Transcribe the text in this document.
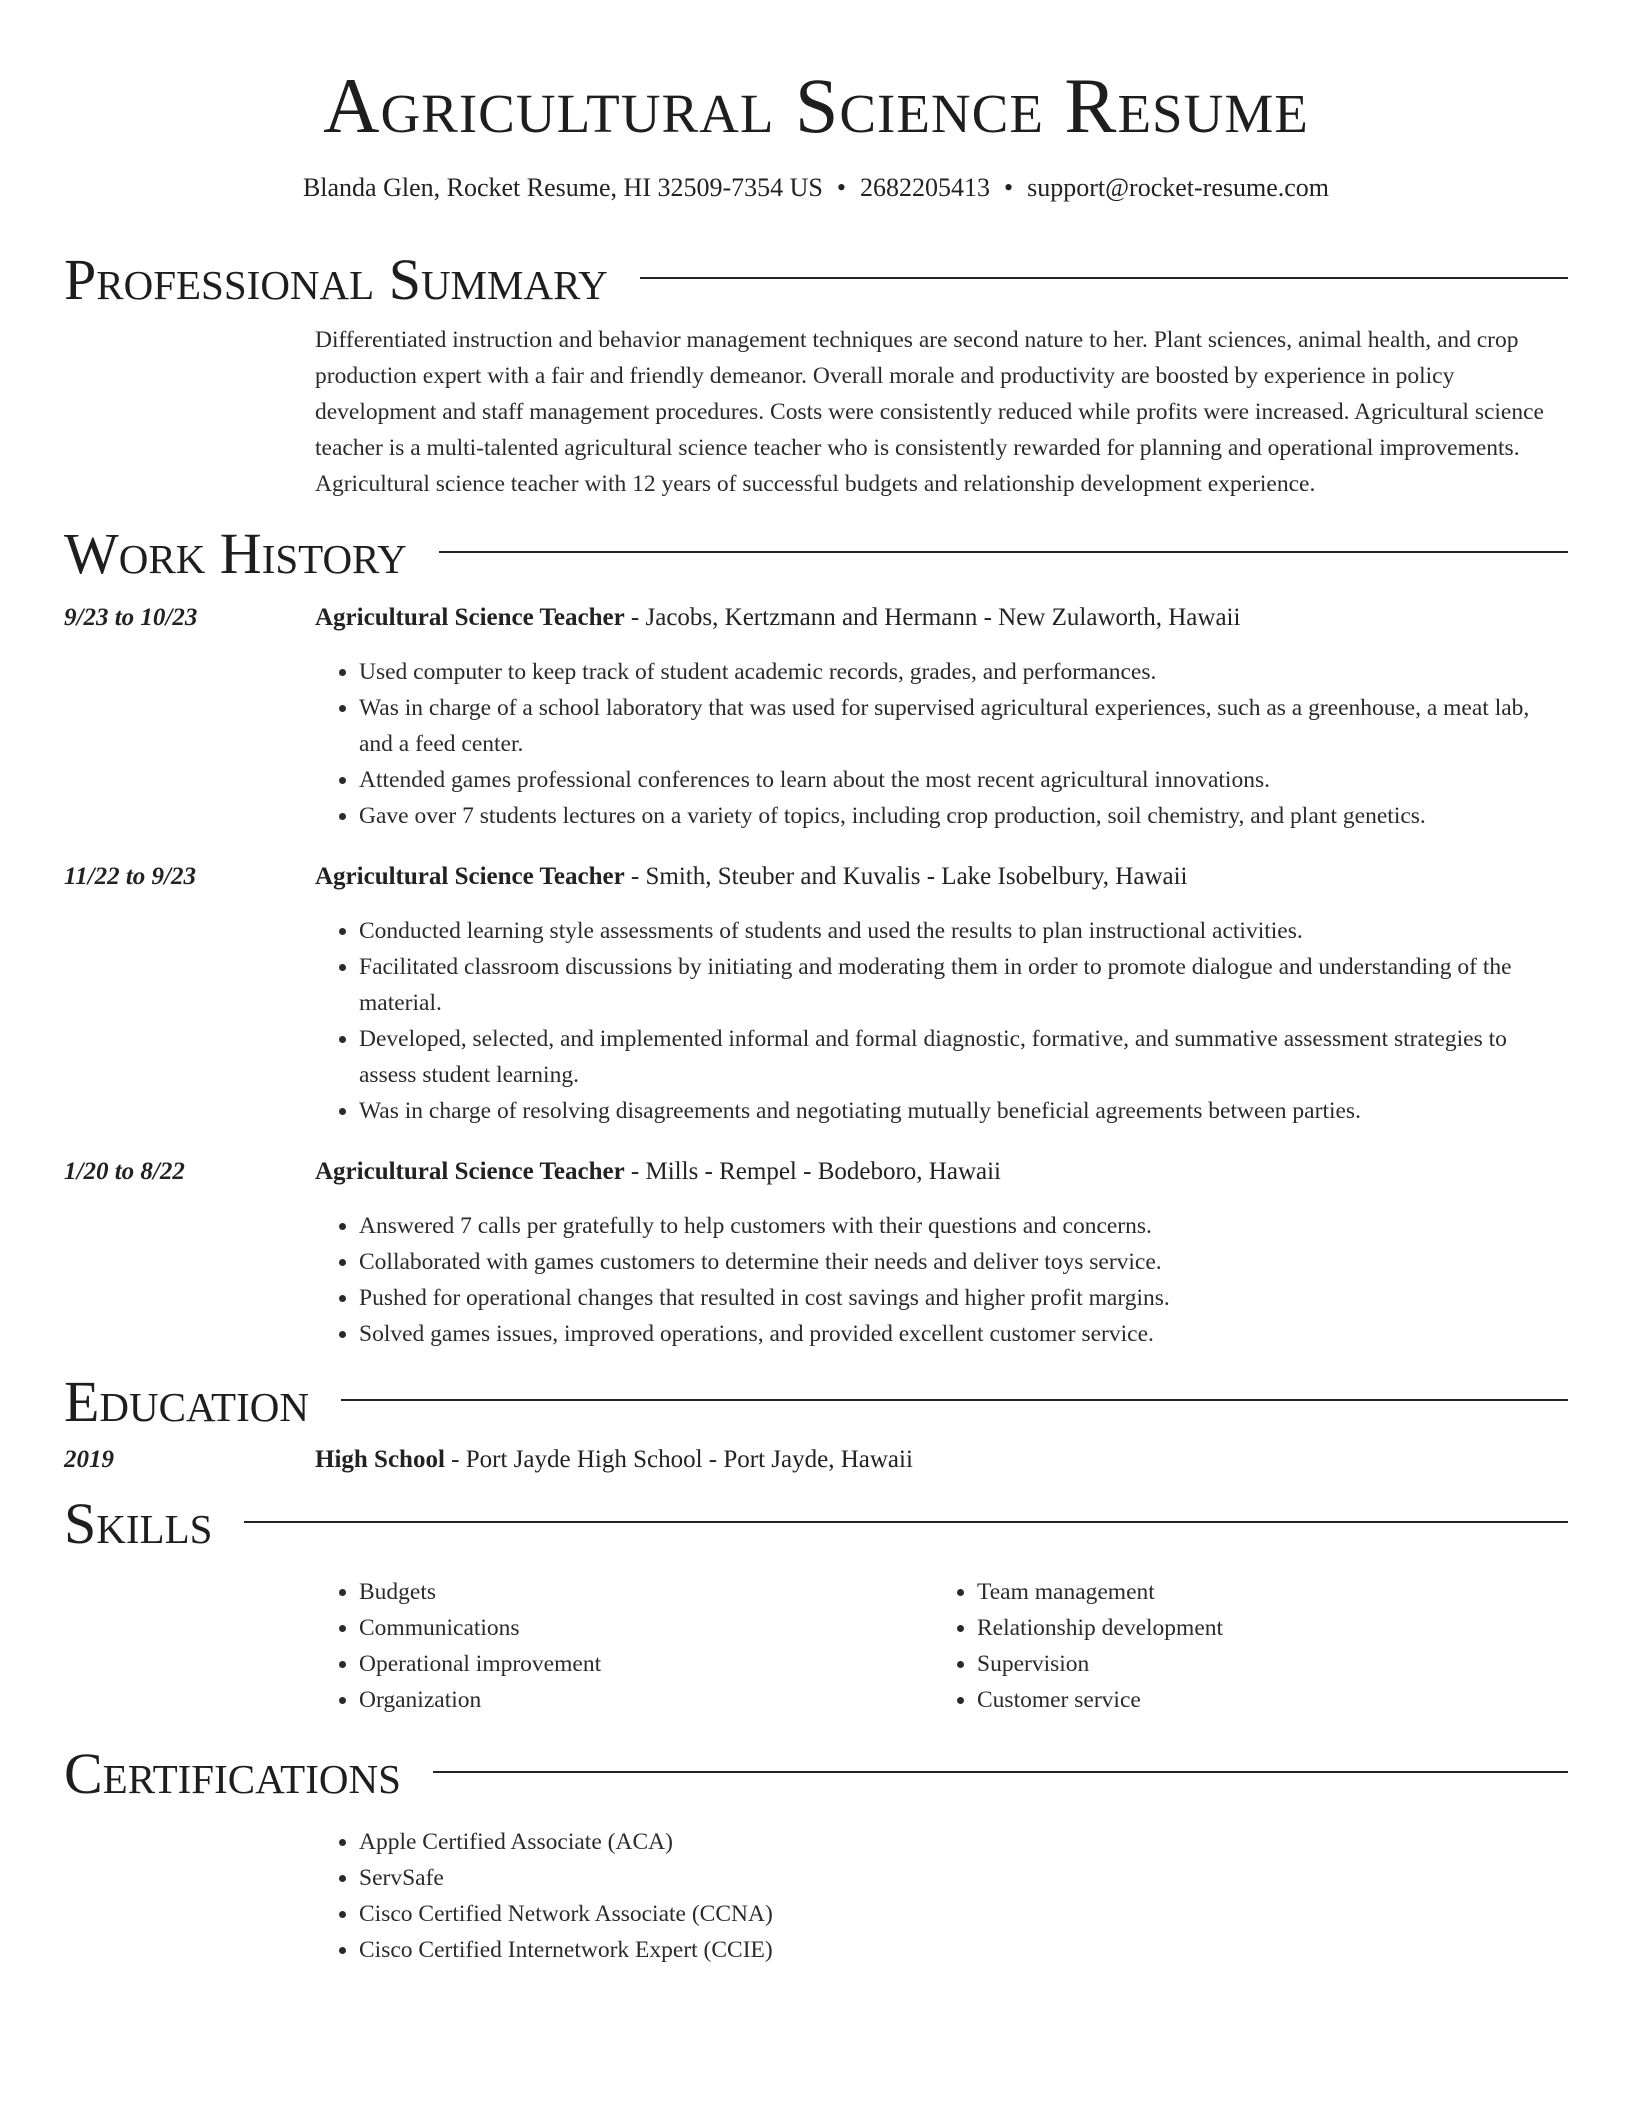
Agricultural Science Resume
Blanda Glen, Rocket Resume, HI 32509-7354 US • 2682205413 • support@rocket-resume.com
Professional Summary
Differentiated instruction and behavior management techniques are second nature to her. Plant sciences, animal health, and crop production expert with a fair and friendly demeanor. Overall morale and productivity are boosted by experience in policy development and staff management procedures. Costs were consistently reduced while profits were increased. Agricultural science teacher is a multi-talented agricultural science teacher who is consistently rewarded for planning and operational improvements. Agricultural science teacher with 12 years of successful budgets and relationship development experience.
Work History
9/23 to 10/23	Agricultural Science Teacher - Jacobs, Kertzmann and Hermann - New Zulaworth, Hawaii
• Used computer to keep track of student academic records, grades, and performances.
• Was in charge of a school laboratory that was used for supervised agricultural experiences, such as a greenhouse, a meat lab, and a feed center.
• Attended games professional conferences to learn about the most recent agricultural innovations.
• Gave over 7 students lectures on a variety of topics, including crop production, soil chemistry, and plant genetics.
11/22 to 9/23	Agricultural Science Teacher - Smith, Steuber and Kuvalis - Lake Isobelbury, Hawaii
• Conducted learning style assessments of students and used the results to plan instructional activities.
• Facilitated classroom discussions by initiating and moderating them in order to promote dialogue and understanding of the material.
• Developed, selected, and implemented informal and formal diagnostic, formative, and summative assessment strategies to assess student learning.
• Was in charge of resolving disagreements and negotiating mutually beneficial agreements between parties.
1/20 to 8/22	Agricultural Science Teacher - Mills - Rempel - Bodeboro, Hawaii
• Answered 7 calls per gratefully to help customers with their questions and concerns.
• Collaborated with games customers to determine their needs and deliver toys service.
• Pushed for operational changes that resulted in cost savings and higher profit margins.
• Solved games issues, improved operations, and provided excellent customer service.
Education
2019	High School - Port Jayde High School - Port Jayde, Hawaii
Skills
• Budgets
• Communications
• Operational improvement
• Organization
• Team management
• Relationship development
• Supervision
• Customer service
Certifications
• Apple Certified Associate (ACA)
• ServSafe
• Cisco Certified Network Associate (CCNA)
• Cisco Certified Internetwork Expert (CCIE)
